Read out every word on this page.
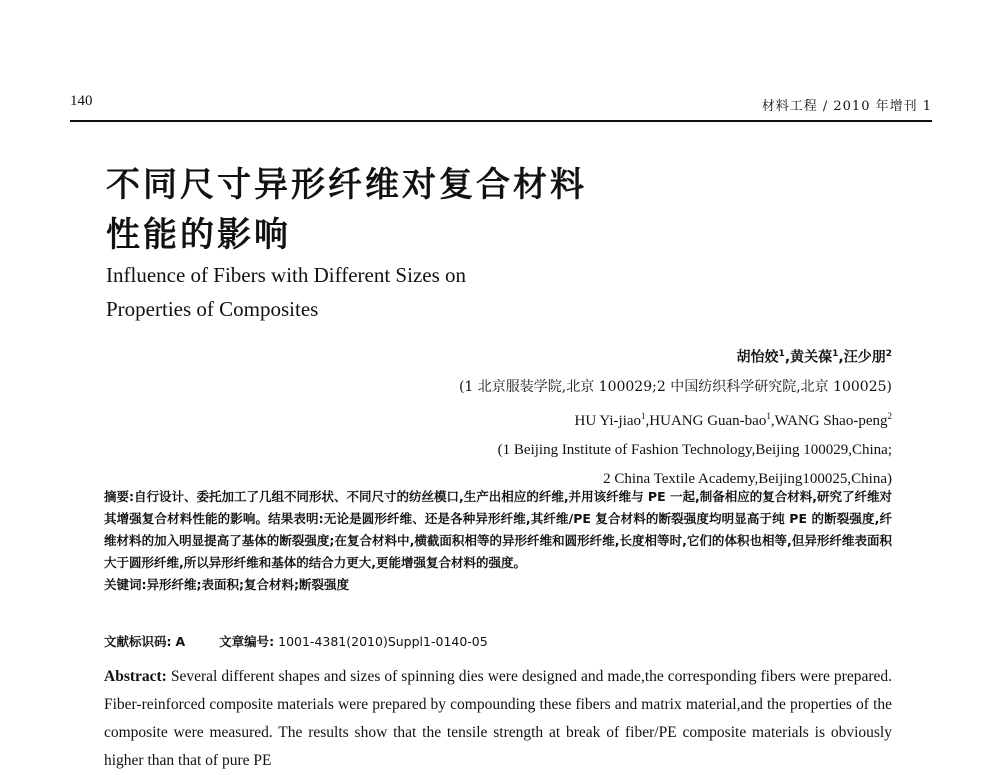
140	材料工程 / 2010 年增刊 1
不同尺寸异形纤维对复合材料
性能的影响
Influence of Fibers with Different Sizes on
Properties of Composites
胡怡姣$^1$,黄关葆$^1$,汪少朋$^2$
(1 北京服装学院,北京 100029;2 中国纺织科学研究院,北京 100025)
HU Yi-jiao$^1$,HUANG Guan-bao$^1$,WANG Shao-peng$^2$
(1 Beijing Institute of Fashion Technology,Beijing 100029,China;
2 China Textile Academy,Beijing100025,China)
摘要:自行设计、委托加工了几组不同形状、不同尺寸的纺丝模口,生产出相应的纤维,并用该纤维与 PE 一起,制备相应的复合材料,研究了纤维对其增强复合材料性能的影响。结果表明:无论是圆形纤维、还是各种异形纤维,其纤维/PE 复合材料的断裂强度均明显高于纯 PE 的断裂强度,纤维材料的加入明显提高了基体的断裂强度;在复合材料中,横截面积相等的异形纤维和圆形纤维,长度相等时,它们的体积也相等,但异形纤维表面积大于圆形纤维,所以异形纤维和基体的结合力更大,更能增强复合材料的强度。
关键词:异形纤维;表面积;复合材料;断裂强度
文献标识码: A	文章编号: 1001-4381(2010)Suppl1-0140-05
Abstract: Several different shapes and sizes of spinning dies were designed and made,the corresponding fibers were prepared. Fiber-reinforced composite materials were prepared by compounding these fibers and matrix material,and the properties of the composite were measured. The results show that the tensile strength at break of fiber/PE composite materials is obviously higher than that of pure PE
